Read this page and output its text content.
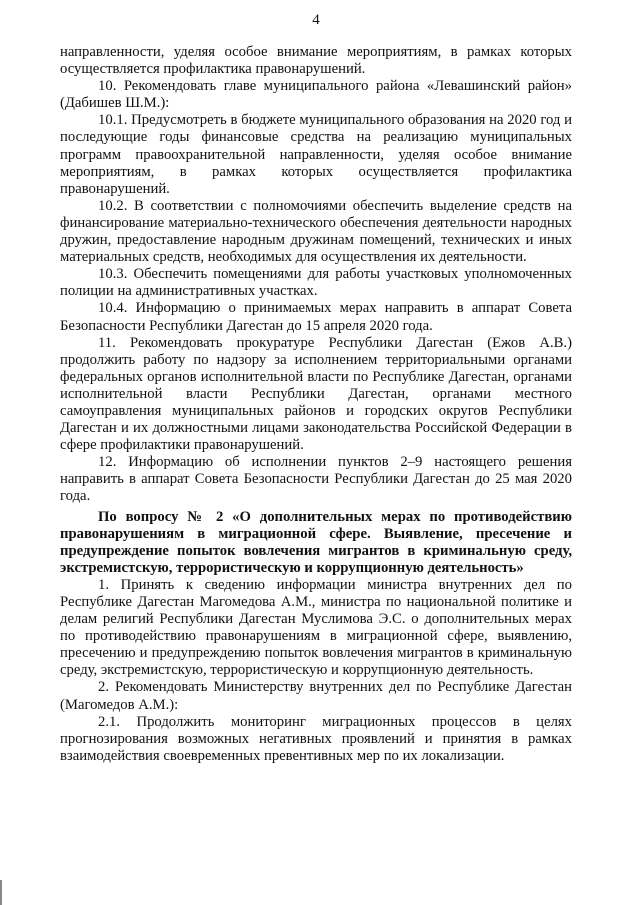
4

направленности, уделяя особое внимание мероприятиям, в рамках которых осуществляется профилактика правонарушений.

10. Рекомендовать главе муниципального района «Левашинский район» (Дабишев Ш.М.):

10.1. Предусмотреть в бюджете муниципального образования на 2020 год и последующие годы финансовые средства на реализацию муниципальных программ правоохранительной направленности, уделяя особое внимание мероприятиям, в рамках которых осуществляется профилактика правонарушений.

10.2. В соответствии с полномочиями обеспечить выделение средств на финансирование материально-технического обеспечения деятельности народных дружин, предоставление народным дружинам помещений, технических и иных материальных средств, необходимых для осуществления их деятельности.

10.3. Обеспечить помещениями для работы участковых уполномоченных полиции на административных участках.

10.4. Информацию о принимаемых мерах направить в аппарат Совета Безопасности Республики Дагестан до 15 апреля 2020 года.

11. Рекомендовать прокуратуре Республики Дагестан (Ежов А.В.) продолжить работу по надзору за исполнением территориальными органами федеральных органов исполнительной власти по Республике Дагестан, органами исполнительной власти Республики Дагестан, органами местного самоуправления муниципальных районов и городских округов Республики Дагестан и их должностными лицами законодательства Российской Федерации в сфере профилактики правонарушений.

12. Информацию об исполнении пунктов 2–9 настоящего решения направить в аппарат Совета Безопасности Республики Дагестан до 25 мая 2020 года.

По вопросу № 2 «О дополнительных мерах по противодействию правонарушениям в миграционной сфере. Выявление, пресечение и предупреждение попыток вовлечения мигрантов в криминальную среду, экстремистскую, террористическую и коррупционную деятельность»

1. Принять к сведению информации министра внутренних дел по Республике Дагестан Магомедова А.М., министра по национальной политике и делам религий Республики Дагестан Муслимова Э.С. о дополнительных мерах по противодействию правонарушениям в миграционной сфере, выявлению, пресечению и предупреждению попыток вовлечения мигрантов в криминальную среду, экстремистскую, террористическую и коррупционную деятельность.

2. Рекомендовать Министерству внутренних дел по Республике Дагестан (Магомедов А.М.):

2.1. Продолжить мониторинг миграционных процессов в целях прогнозирования возможных негативных проявлений и принятия в рамках взаимодействия своевременных превентивных мер по их локализации.
